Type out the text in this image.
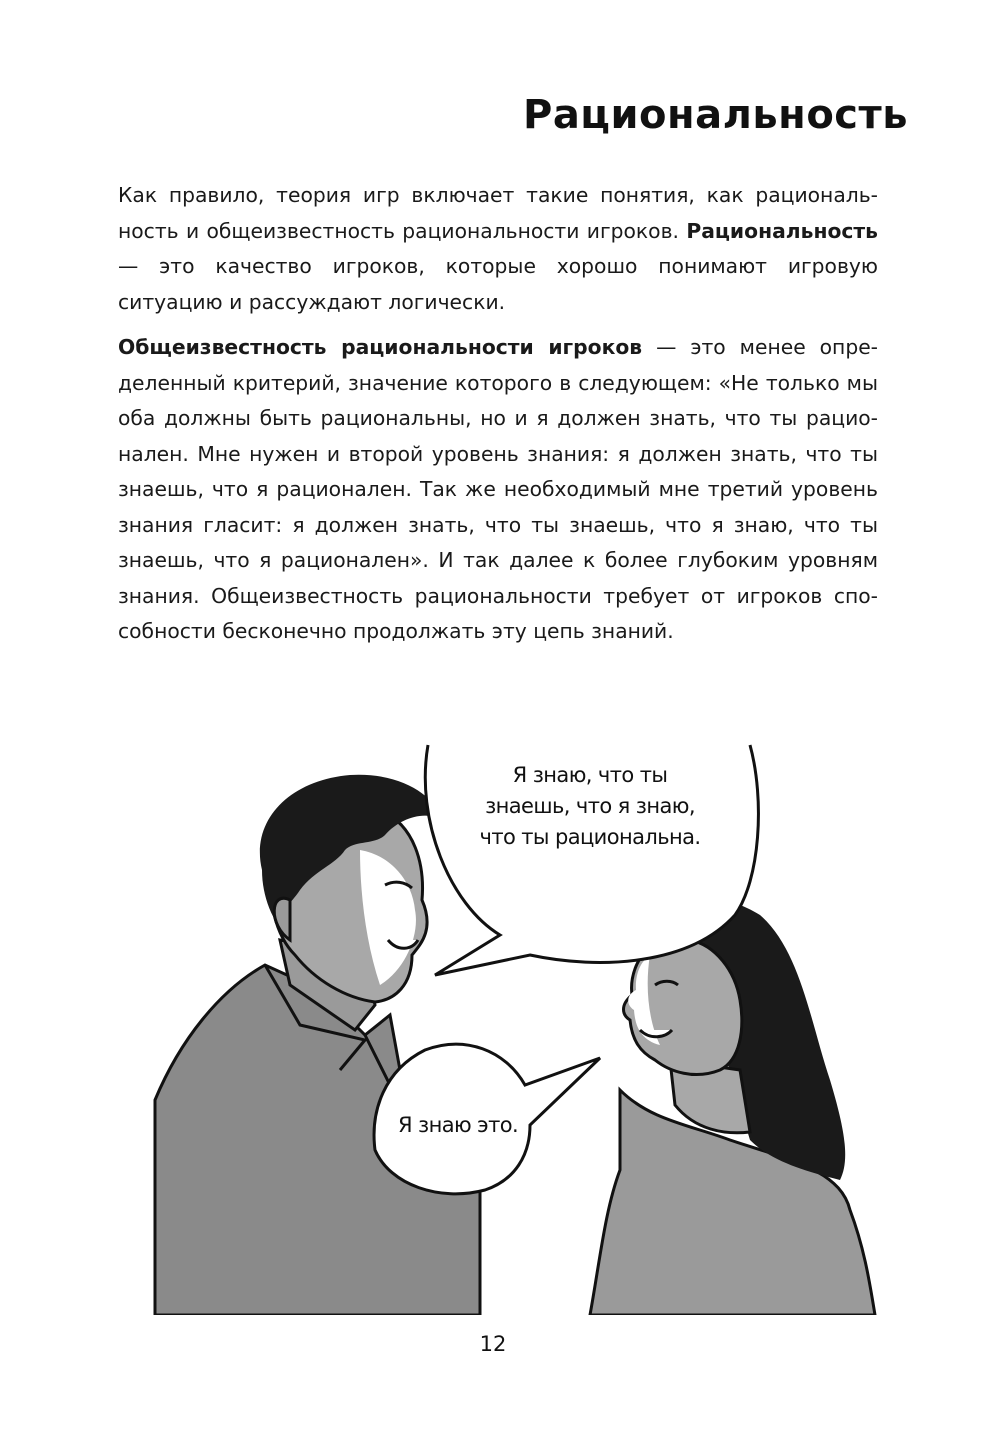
Рациональность

Как правило, теория игр включает такие понятия, как рациональность и общеизвестность рациональности игроков. Рациональность — это качество игроков, которые хорошо понимают игровую ситуацию и рассуждают логически.

Общеизвестность рациональности игроков — это менее определенный критерий, значение которого в следующем: «Не только мы оба должны быть рациональны, но и я должен знать, что ты рационален. Мне нужен и второй уровень знания: я должен знать, что ты знаешь, что я рационален. Так же необходимый мне третий уровень знания гласит: я должен знать, что ты знаешь, что я знаю, что ты знаешь, что я рационален». И так далее к более глубоким уровням знания. Общеизвестность рациональности требует от игроков способности бесконечно продолжать эту цепь знаний.

Я знаю, что ты
знаешь, что я знаю,
что ты рациональна.
Я знаю это.
12
